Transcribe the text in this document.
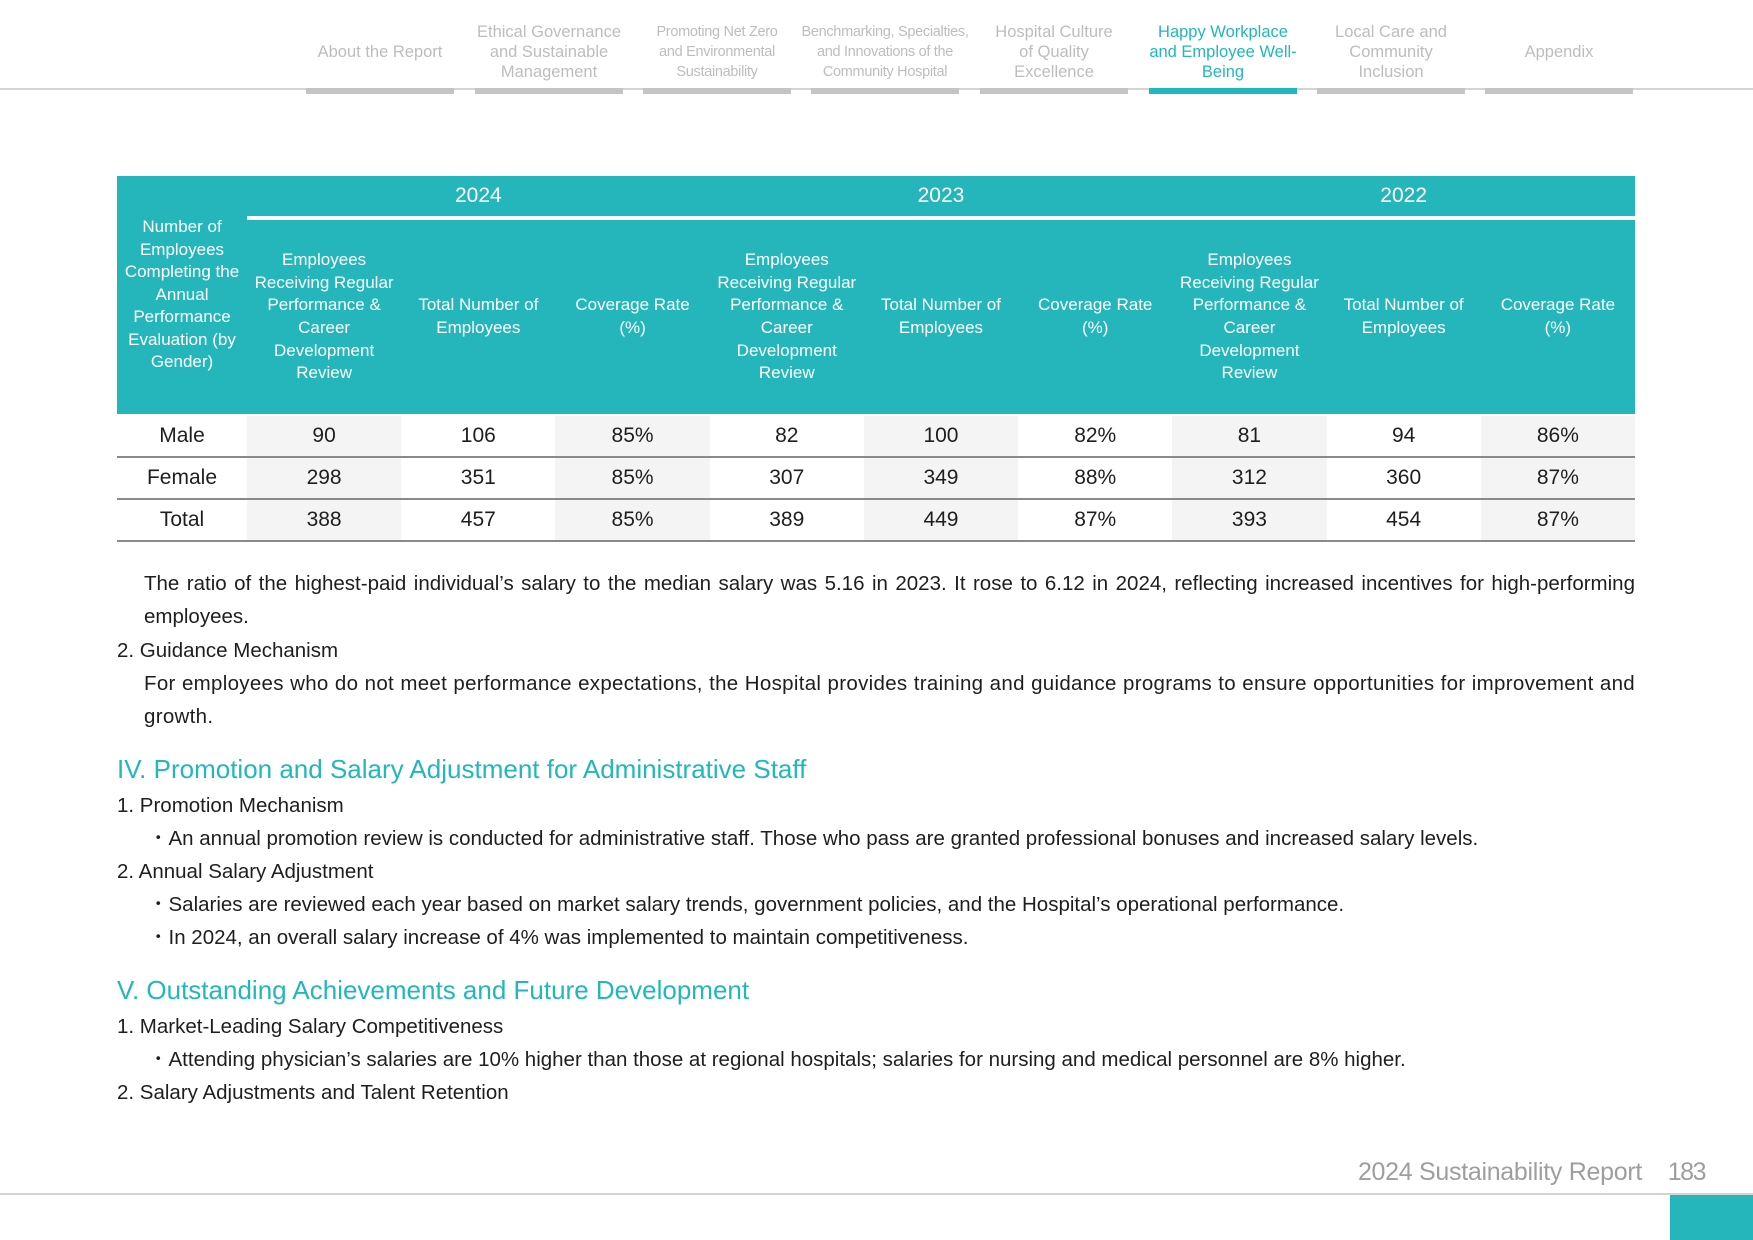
About the Report
Ethical Governance and Sustainable Management
Promoting Net Zero and Environmental Sustainability
Benchmarking, Specialties, and Innovations of the Community Hospital
Hospital Culture of Quality Excellence
Happy Workplace and Employee Well-Being
Local Care and Community Inclusion
Appendix
Number of Employees Completing the Annual Performance Evaluation (by Gender)	2024			2023			2022		
	Employees Receiving Regular Performance & Career Development Review	Total Number of Employees	Coverage Rate (%)	Employees Receiving Regular Performance & Career Development Review	Total Number of Employees	Coverage Rate (%)	Employees Receiving Regular Performance & Career Development Review	Total Number of Employees	Coverage Rate (%)
Male	90	106	85%	82	100	82%	81	94	86%
Female	298	351	85%	307	349	88%	312	360	87%
Total	388	457	85%	389	449	87%	393	454	87%
The ratio of the highest-paid individual’s salary to the median salary was 5.16 in 2023. It rose to 6.12 in 2024, reflecting increased incentives for high-performing employees.
2. Guidance Mechanism
For employees who do not meet performance expectations, the Hospital provides training and guidance programs to ensure opportunities for improvement and growth.
IV. Promotion and Salary Adjustment for Administrative Staff
1. Promotion Mechanism
・An annual promotion review is conducted for administrative staff. Those who pass are granted professional bonuses and increased salary levels.
2. Annual Salary Adjustment
・Salaries are reviewed each year based on market salary trends, government policies, and the Hospital’s operational performance.
・In 2024, an overall salary increase of 4% was implemented to maintain competitiveness.
V. Outstanding Achievements and Future Development
1. Market-Leading Salary Competitiveness
・Attending physician’s salaries are 10% higher than those at regional hospitals; salaries for nursing and medical personnel are 8% higher.
2. Salary Adjustments and Talent Retention
2024 Sustainability Report 183
